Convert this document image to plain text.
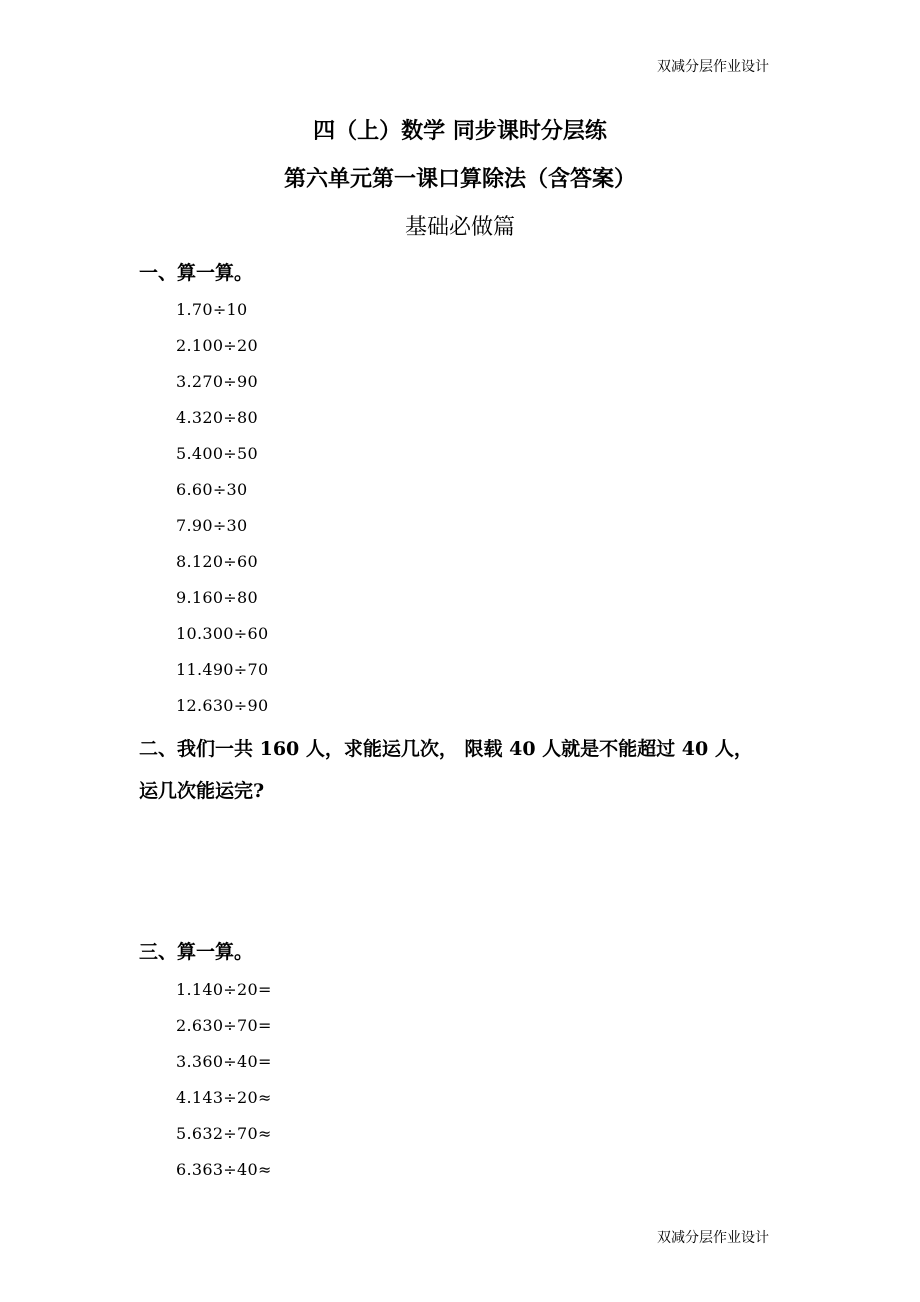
双减分层作业设计
四（上）数学 同步课时分层练
第六单元第一课口算除法（含答案）
基础必做篇
一、算一算。
1.70÷10
2.100÷20
3.270÷90
4.320÷80
5.400÷50
6.60÷30
7.90÷30
8.120÷60
9.160÷80
10.300÷60
11.490÷70
12.630÷90
二、我们一共 160 人，求能运几次， 限载 40 人就是不能超过 40 人，
运几次能运完?
三、算一算。
1.140÷20=
2.630÷70=
3.360÷40=
4.143÷20≈
5.632÷70≈
6.363÷40≈
双减分层作业设计
